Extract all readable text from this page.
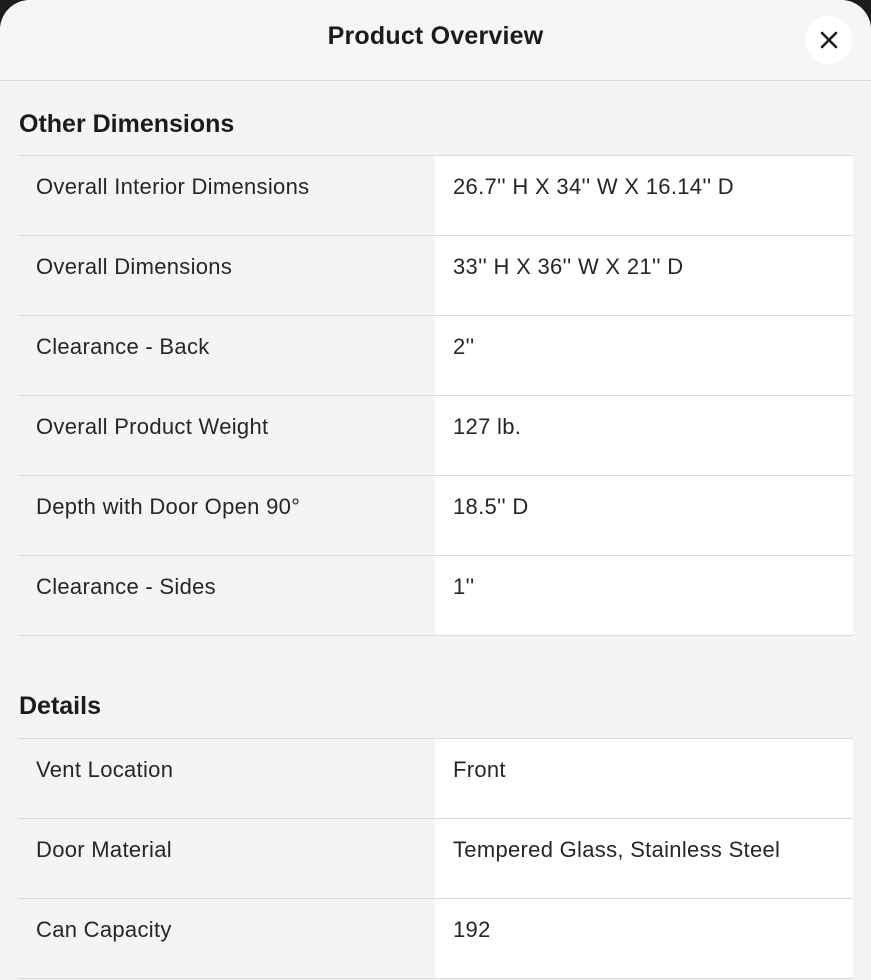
Product Overview
Other Dimensions
Overall Interior Dimensions	26.7'' H X 34'' W X 16.14'' D
Overall Dimensions	33'' H X 36'' W X 21'' D
Clearance - Back	2''
Overall Product Weight	127 lb.
Depth with Door Open 90°	18.5'' D
Clearance - Sides	1''
Details
Vent Location	Front
Door Material	Tempered Glass, Stainless Steel
Can Capacity	192
